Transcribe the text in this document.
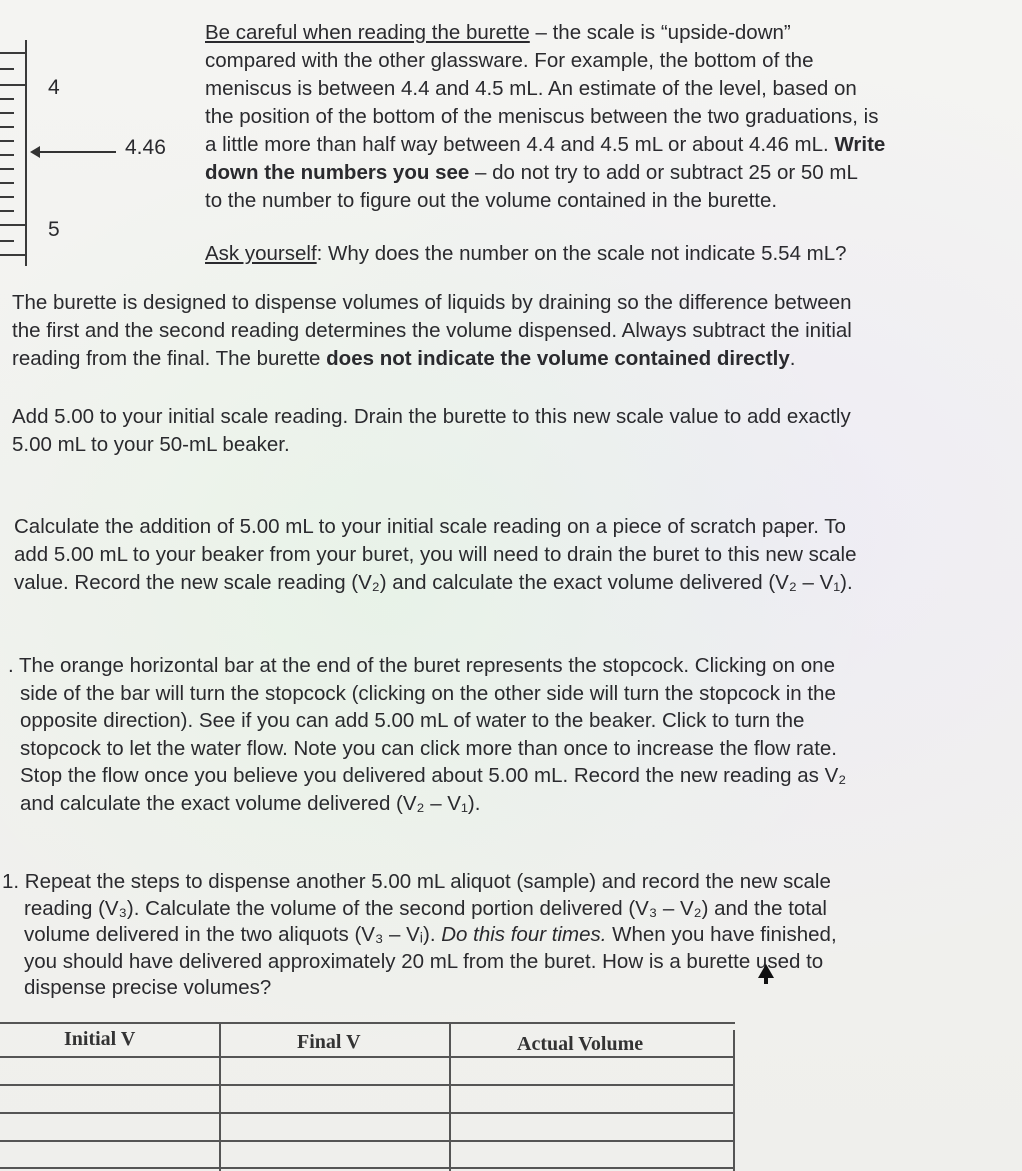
4
5
4.46
Be careful when reading the burette – the scale is “upside-down”
compared with the other glassware. For example, the bottom of the
meniscus is between 4.4 and 4.5 mL. An estimate of the level, based on
the position of the bottom of the meniscus between the two graduations, is
a little more than half way between 4.4 and 4.5 mL or about 4.46 mL. Write
down the numbers you see – do not try to add or subtract 25 or 50 mL
to the number to figure out the volume contained in the burette.
Ask yourself: Why does the number on the scale not indicate 5.54 mL?
The burette is designed to dispense volumes of liquids by draining so the difference between
the first and the second reading determines the volume dispensed. Always subtract the initial
reading from the final. The burette does not indicate the volume contained directly.
Add 5.00 to your initial scale reading. Drain the burette to this new scale value to add exactly
5.00 mL to your 50-mL beaker.
Calculate the addition of 5.00 mL to your initial scale reading on a piece of scratch paper. To
add 5.00 mL to your beaker from your buret, you will need to drain the buret to this new scale
value. Record the new scale reading (V₂) and calculate the exact volume delivered (V₂ – V₁).
. The orange horizontal bar at the end of the buret represents the stopcock. Clicking on one
side of the bar will turn the stopcock (clicking on the other side will turn the stopcock in the
opposite direction). See if you can add 5.00 mL of water to the beaker. Click to turn the
stopcock to let the water flow. Note you can click more than once to increase the flow rate.
Stop the flow once you believe you delivered about 5.00 mL. Record the new reading as V₂
and calculate the exact volume delivered (V₂ – V₁).
1. Repeat the steps to dispense another 5.00 mL aliquot (sample) and record the new scale
reading (V₃). Calculate the volume of the second portion delivered (V₃ – V₂) and the total
volume delivered in the two aliquots (V₃ – Vᵢ). Do this four times. When you have finished,
you should have delivered approximately 20 mL from the buret. How is a burette used to
dispense precise volumes?
Initial V	Final V	Actual Volume
